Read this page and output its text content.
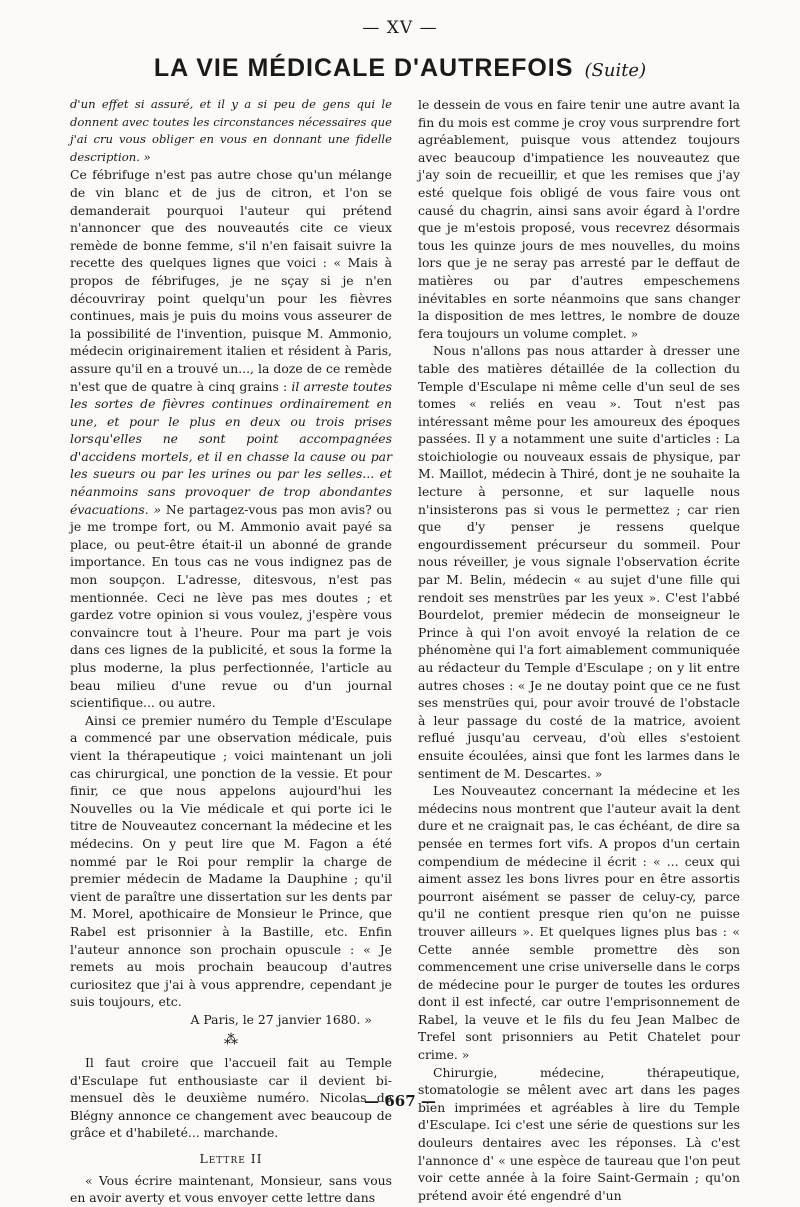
— XV —
LA VIE MÉDICALE D'AUTREFOIS (Suite)

d'un effet si assuré, et il y a si peu de gens qui le donnent avec toutes les circonstances nécessaires que j'ai cru vous obliger en vous en donnant une fidelle description. »

Ce fébrifuge n'est pas autre chose qu'un mélange de vin blanc et de jus de citron, et l'on se demanderait pourquoi l'auteur qui prétend n'annoncer que des nouveautés cite ce vieux remède de bonne femme, s'il n'en faisait suivre la recette des quelques lignes que voici : « Mais à propos de fébrifuges, je ne sçay si je n'en découvriray point quelqu'un pour les fièvres continues, mais je puis du moins vous asseurer de la possibilité de l'invention, puisque M. Ammonio, médecin originairement italien et résident à Paris, assure qu'il en a trouvé un..., la doze de ce remède n'est que de quatre à cinq grains : il arreste toutes les sortes de fièvres continues ordinairement en une, et pour le plus en deux ou trois prises lorsqu'elles ne sont point accompagnées d'accidens mortels, et il en chasse la cause ou par les sueurs ou par les urines ou par les selles... et néanmoins sans provoquer de trop abondantes évacuations. » Ne partagez-vous pas mon avis? ou je me trompe fort, ou M. Ammonio avait payé sa place, ou peut-être était-il un abonné de grande importance. En tous cas ne vous indignez pas de mon soupçon. L'adresse, ditesvous, n'est pas mentionnée. Ceci ne lève pas mes doutes ; et gardez votre opinion si vous voulez, j'espère vous convaincre tout à l'heure. Pour ma part je vois dans ces lignes de la publicité, et sous la forme la plus moderne, la plus perfectionnée, l'article au beau milieu d'une revue ou d'un journal scientifique... ou autre.

Ainsi ce premier numéro du Temple d'Esculape a commencé par une observation médicale, puis vient la thérapeutique ; voici maintenant un joli cas chirurgical, une ponction de la vessie. Et pour finir, ce que nous appelons aujourd'hui les Nouvelles ou la Vie médicale et qui porte ici le titre de Nouveautez concernant la médecine et les médecins. On y peut lire que M. Fagon a été nommé par le Roi pour remplir la charge de premier médecin de Madame la Dauphine ; qu'il vient de paraître une dissertation sur les dents par M. Morel, apothicaire de Monsieur le Prince, que Rabel est prisonnier à la Bastille, etc. Enfin l'auteur annonce son prochain opuscule : « Je remets au mois prochain beaucoup d'autres curiositez que j'ai à vous apprendre, cependant je suis toujours, etc.

A Paris, le 27 janvier 1680. »

⁂

Il faut croire que l'accueil fait au Temple d'Esculape fut enthousiaste car il devient bi-mensuel dès le deuxième numéro. Nicolas de Blégny annonce ce changement avec beaucoup de grâce et d'habileté... marchande.

Lettre II

« Vous écrire maintenant, Monsieur, sans vous en avoir averty et vous envoyer cette lettre dans

le dessein de vous en faire tenir une autre avant la fin du mois est comme je croy vous surprendre fort agréablement, puisque vous attendez toujours avec beaucoup d'impatience les nouveautez que j'ay soin de recueillir, et que les remises que j'ay esté quelque fois obligé de vous faire vous ont causé du chagrin, ainsi sans avoir égard à l'ordre que je m'estois proposé, vous recevrez désormais tous les quinze jours de mes nouvelles, du moins lors que je ne seray pas arresté par le deffaut de matières ou par d'autres empeschemens inévitables en sorte néanmoins que sans changer la disposition de mes lettres, le nombre de douze fera toujours un volume complet. »

Nous n'allons pas nous attarder à dresser une table des matières détaillée de la collection du Temple d'Esculape ni même celle d'un seul de ses tomes « reliés en veau ». Tout n'est pas intéressant même pour les amoureux des époques passées. Il y a notamment une suite d'articles : La stoichiologie ou nouveaux essais de physique, par M. Maillot, médecin à Thiré, dont je ne souhaite la lecture à personne, et sur laquelle nous n'insisterons pas si vous le permettez ; car rien que d'y penser je ressens quelque engourdissement précurseur du sommeil. Pour nous réveiller, je vous signale l'observation écrite par M. Belin, médecin « au sujet d'une fille qui rendoit ses menstrües par les yeux ». C'est l'abbé Bourdelot, premier médecin de monseigneur le Prince à qui l'on avoit envoyé la relation de ce phénomène qui l'a fort aimablement communiquée au rédacteur du Temple d'Esculape ; on y lit entre autres choses : « Je ne doutay point que ce ne fust ses menstrües qui, pour avoir trouvé de l'obstacle à leur passage du costé de la matrice, avoient reflué jusqu'au cerveau, d'où elles s'estoient ensuite écoulées, ainsi que font les larmes dans le sentiment de M. Descartes. »

Les Nouveautez concernant la médecine et les médecins nous montrent que l'auteur avait la dent dure et ne craignait pas, le cas échéant, de dire sa pensée en termes fort vifs. A propos d'un certain compendium de médecine il écrit : « ... ceux qui aiment assez les bons livres pour en être assortis pourront aisément se passer de celuy-cy, parce qu'il ne contient presque rien qu'on ne puisse trouver ailleurs ». Et quelques lignes plus bas : « Cette année semble promettre dès son commencement une crise universelle dans le corps de médecine pour le purger de toutes les ordures dont il est infecté, car outre l'emprisonnement de Rabel, la veuve et le fils du feu Jean Malbec de Trefel sont prisonniers au Petit Chatelet pour crime. »

Chirurgie, médecine, thérapeutique, stomatologie se mêlent avec art dans les pages bien imprimées et agréables à lire du Temple d'Esculape. Ici c'est une série de questions sur les douleurs dentaires avec les réponses. Là c'est l'annonce d' « une espèce de taureau que l'on peut voir cette année à la foire Saint-Germain ; qu'on prétend avoir été engendré d'un

— 667 —
